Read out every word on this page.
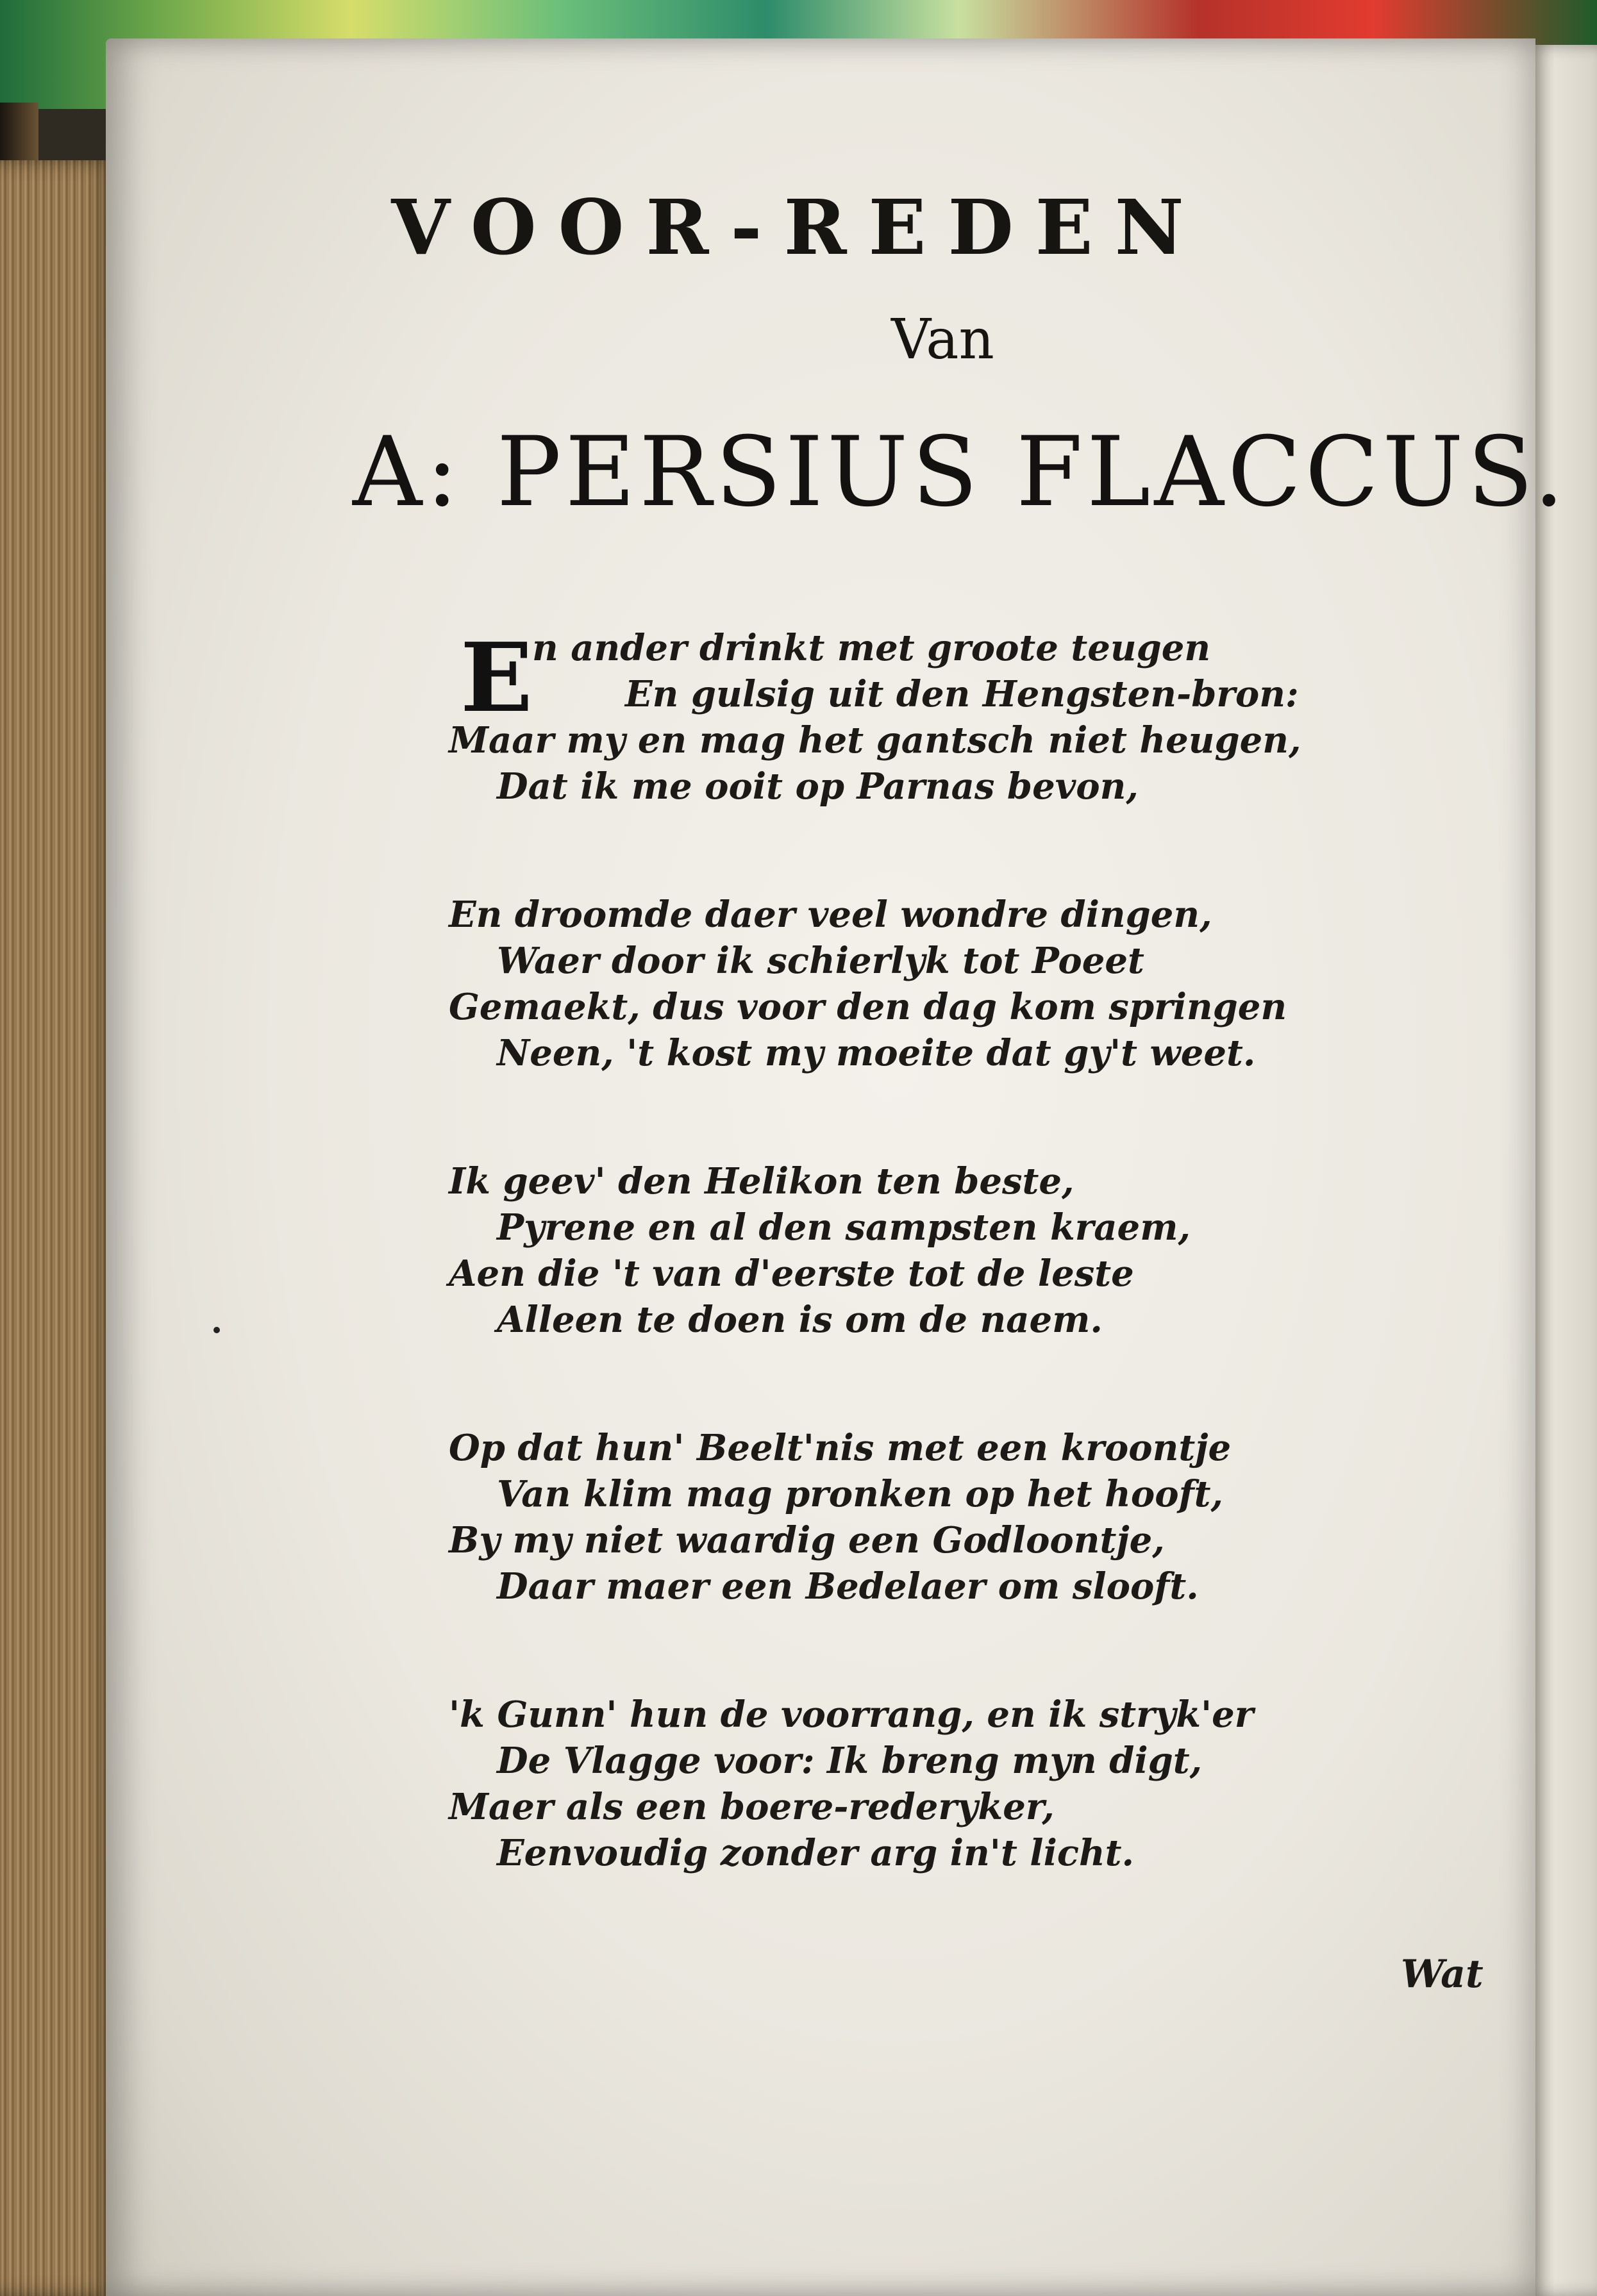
VOOR-REDEN
Van
A: PERSIUS FLACCUS.
E n ander drinkt met groote teugen
En gulsig uit den Hengsten-bron:
Maar my en mag het gantsch niet heugen,
Dat ik me ooit op Parnas bevon,
En droomde daer veel wondre dingen,
Waer door ik schierlyk tot Poeet
Gemaekt, dus voor den dag kom springen
Neen, 't kost my moeite dat gy't weet.
Ik geev' den Helikon ten beste,
Pyrene en al den sampsten kraem,
Aen die 't van d'eerste tot de leste
Alleen te doen is om de naem.
Op dat hun' Beelt'nis met een kroontje
Van klim mag pronken op het hooft,
By my niet waardig een Godloontje,
Daar maer een Bedelaer om slooft.
'k Gunn' hun de voorrang, en ik stryk'er
De Vlagge voor: Ik breng myn digt,
Maer als een boere-rederyker,
Eenvoudig zonder arg in't licht.
Wat
